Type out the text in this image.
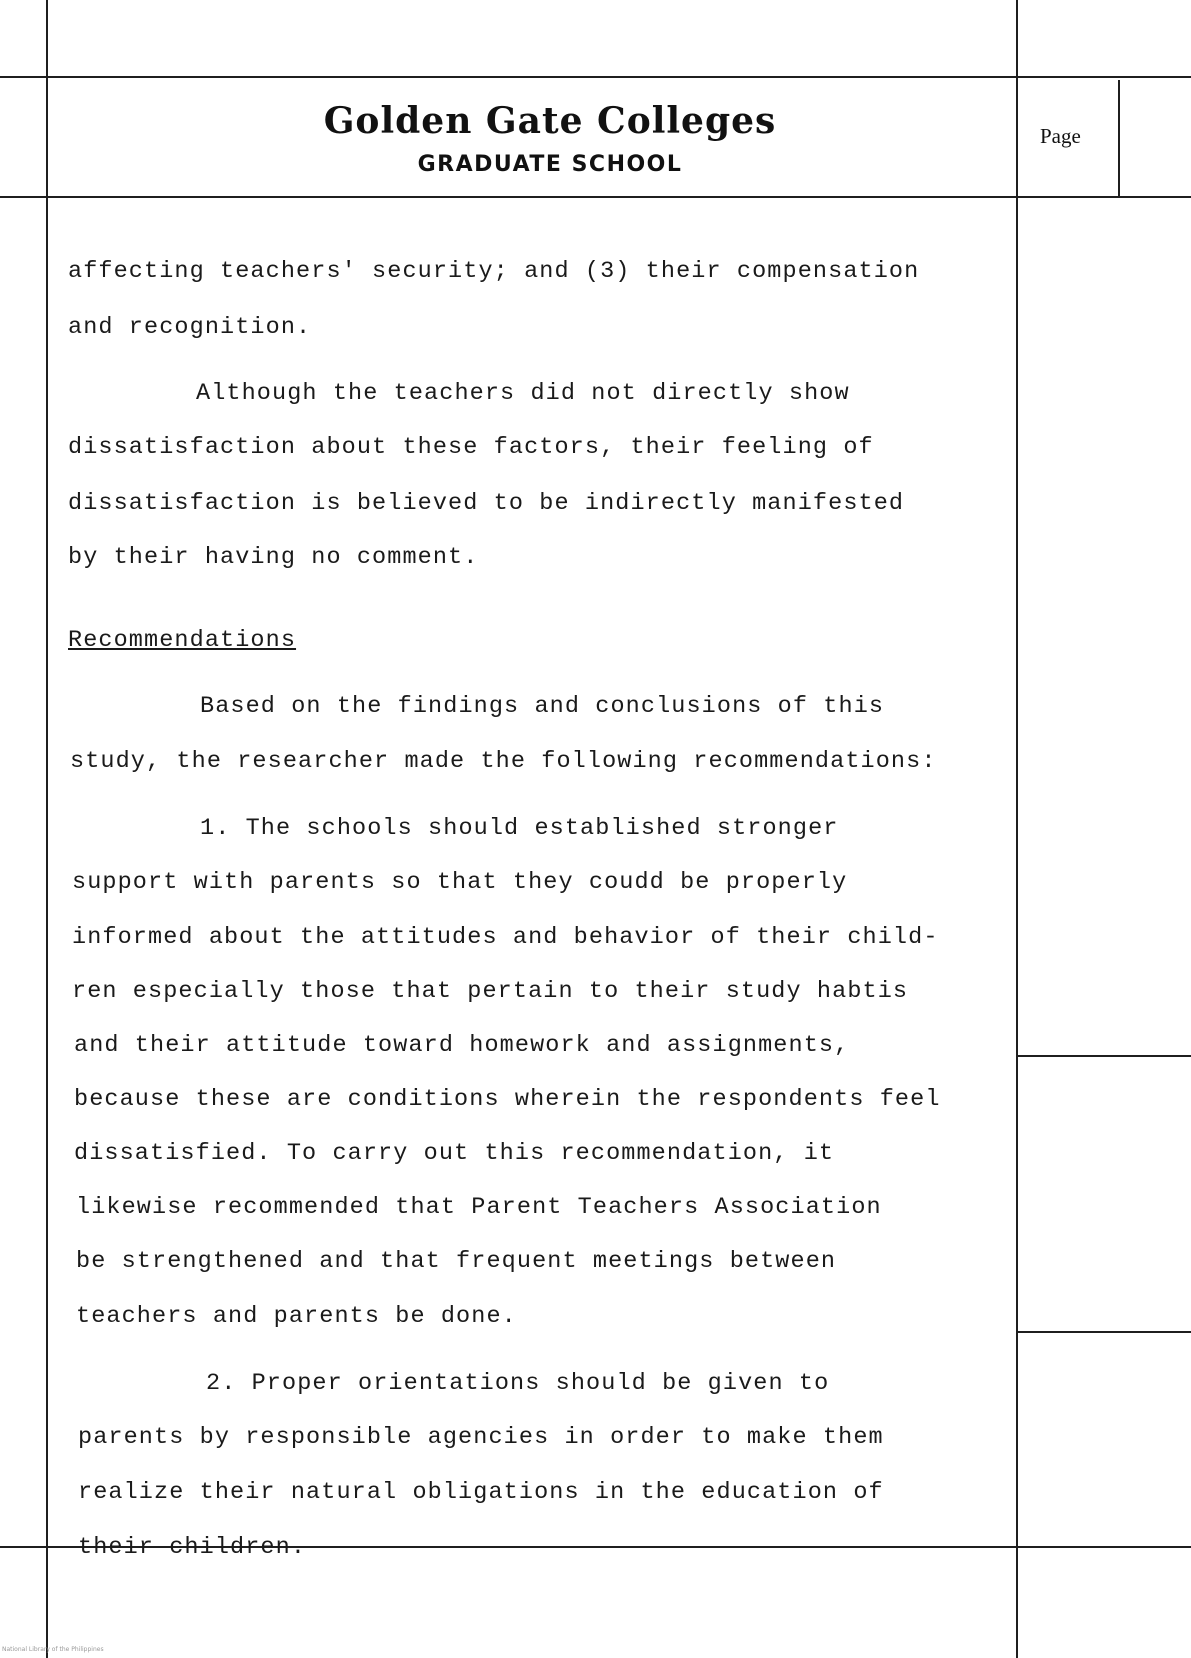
Golden Gate Colleges
GRADUATE SCHOOL
Page
affecting teachers' security; and (3) their compensation
and recognition.
Although the teachers did not directly show
dissatisfaction about these factors, their feeling of
dissatisfaction is believed to be indirectly manifested
by their having no comment.
Recommendations
Based on the findings and conclusions of this
study, the researcher made the following recommendations:
1. The schools should established stronger
support with parents so that they coudd be properly
informed about the attitudes and behavior of their child-
ren especially those that pertain to their study habtis
and their attitude toward homework and assignments,
because these are conditions wherein the respondents feel
dissatisfied. To carry out this recommendation, it
likewise recommended that Parent Teachers Association
be strengthened and that frequent meetings between
teachers and parents be done.
2. Proper orientations should be given to
parents by responsible agencies in order to make them
realize their natural obligations in the education of
their children.
National Library of the Philippines
